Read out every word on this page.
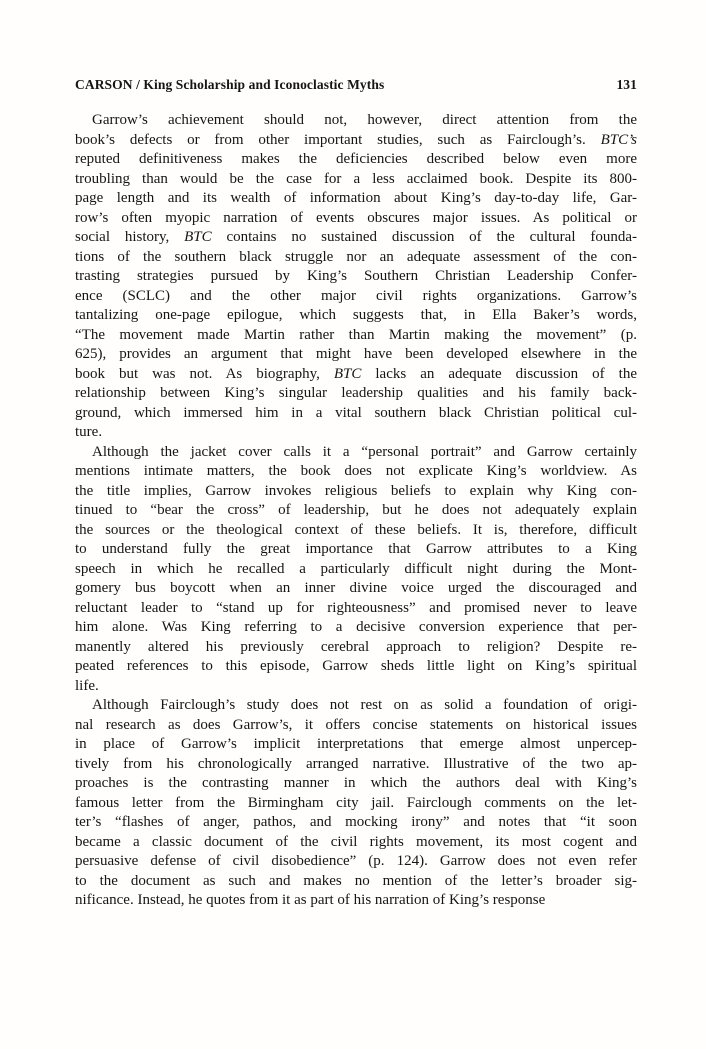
CARSON / King Scholarship and Iconoclastic Myths	131
Garrow’s achievement should not, however, direct attention from the
book’s defects or from other important studies, such as Fairclough’s. BTC’s
reputed definitiveness makes the deficiencies described below even more
troubling than would be the case for a less acclaimed book. Despite its 800-
page length and its wealth of information about King’s day-to-day life, Gar-
row’s often myopic narration of events obscures major issues. As political or
social history, BTC contains no sustained discussion of the cultural founda-
tions of the southern black struggle nor an adequate assessment of the con-
trasting strategies pursued by King’s Southern Christian Leadership Confer-
ence (SCLC) and the other major civil rights organizations. Garrow’s
tantalizing one-page epilogue, which suggests that, in Ella Baker’s words,
“The movement made Martin rather than Martin making the movement” (p.
625), provides an argument that might have been developed elsewhere in the
book but was not. As biography, BTC lacks an adequate discussion of the
relationship between King’s singular leadership qualities and his family back-
ground, which immersed him in a vital southern black Christian political cul-
ture.
Although the jacket cover calls it a “personal portrait” and Garrow certainly
mentions intimate matters, the book does not explicate King’s worldview. As
the title implies, Garrow invokes religious beliefs to explain why King con-
tinued to “bear the cross” of leadership, but he does not adequately explain
the sources or the theological context of these beliefs. It is, therefore, difficult
to understand fully the great importance that Garrow attributes to a King
speech in which he recalled a particularly difficult night during the Mont-
gomery bus boycott when an inner divine voice urged the discouraged and
reluctant leader to “stand up for righteousness” and promised never to leave
him alone. Was King referring to a decisive conversion experience that per-
manently altered his previously cerebral approach to religion? Despite re-
peated references to this episode, Garrow sheds little light on King’s spiritual
life.
Although Fairclough’s study does not rest on as solid a foundation of origi-
nal research as does Garrow’s, it offers concise statements on historical issues
in place of Garrow’s implicit interpretations that emerge almost unpercep-
tively from his chronologically arranged narrative. Illustrative of the two ap-
proaches is the contrasting manner in which the authors deal with King’s
famous letter from the Birmingham city jail. Fairclough comments on the let-
ter’s “flashes of anger, pathos, and mocking irony” and notes that “it soon
became a classic document of the civil rights movement, its most cogent and
persuasive defense of civil disobedience” (p. 124). Garrow does not even refer
to the document as such and makes no mention of the letter’s broader sig-
nificance. Instead, he quotes from it as part of his narration of King’s response
